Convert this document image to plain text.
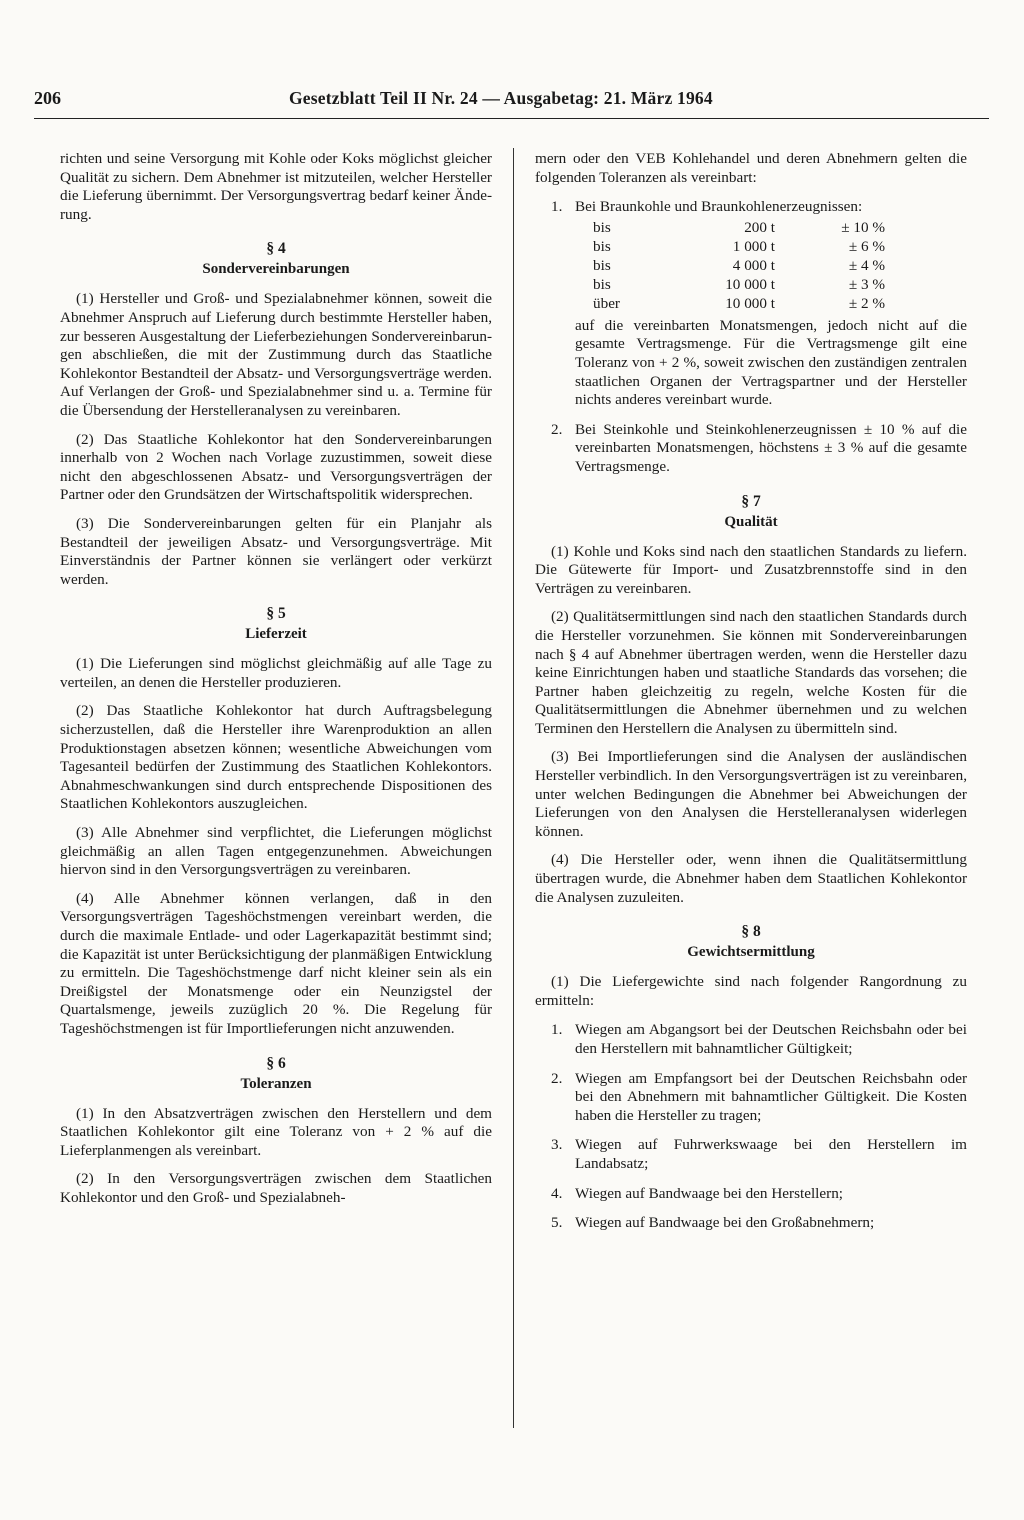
206	Gesetzblatt Teil II Nr. 24 — Ausgabetag: 21. März 1964

richten und seine Versorgung mit Kohle oder Koks möglichst gleicher Qualität zu sichern. Dem Abnehmer ist mitzuteilen, welcher Hersteller die Lieferung übernimmt. Der Versorgungsvertrag bedarf keiner Änderung.

§ 4
Sondervereinbarungen

(1) Hersteller und Groß- und Spezialabnehmer können, soweit die Abnehmer Anspruch auf Lieferung durch bestimmte Hersteller haben, zur besseren Ausgestaltung der Lieferbeziehungen Sondervereinbarungen abschließen, die mit der Zustimmung durch das Staatliche Kohlekontor Bestandteil der Absatz- und Versorgungsverträge werden. Auf Verlangen der Groß- und Spezialabnehmer sind u. a. Termine für die Übersendung der Herstelleranalysen zu vereinbaren.

(2) Das Staatliche Kohlekontor hat den Sondervereinbarungen innerhalb von 2 Wochen nach Vorlage zuzustimmen, soweit diese nicht den abgeschlossenen Absatz- und Versorgungsverträgen der Partner oder den Grundsätzen der Wirtschaftspolitik widersprechen.

(3) Die Sondervereinbarungen gelten für ein Planjahr als Bestandteil der jeweiligen Absatz- und Versorgungsverträge. Mit Einverständnis der Partner können sie verlängert oder verkürzt werden.

§ 5
Lieferzeit

(1) Die Lieferungen sind möglichst gleichmäßig auf alle Tage zu verteilen, an denen die Hersteller produzieren.

(2) Das Staatliche Kohlekontor hat durch Auftragsbelegung sicherzustellen, daß die Hersteller ihre Warenproduktion an allen Produktionstagen absetzen können; wesentliche Abweichungen vom Tagesanteil bedürfen der Zustimmung des Staatlichen Kohlekontors. Abnahmeschwankungen sind durch entsprechende Dispositionen des Staatlichen Kohlekontors auszugleichen.

(3) Alle Abnehmer sind verpflichtet, die Lieferungen möglichst gleichmäßig an allen Tagen entgegenzunehmen. Abweichungen hiervon sind in den Versorgungsverträgen zu vereinbaren.

(4) Alle Abnehmer können verlangen, daß in den Versorgungsverträgen Tageshöchstmengen vereinbart werden, die durch die maximale Entlade- und oder Lagerkapazität bestimmt sind; die Kapazität ist unter Berücksichtigung der planmäßigen Entwicklung zu ermitteln. Die Tageshöchstmenge darf nicht kleiner sein als ein Dreißigstel der Monatsmenge oder ein Neunzigstel der Quartalsmenge, jeweils zuzüglich 20 %. Die Regelung für Tageshöchstmengen ist für Importlieferungen nicht anzuwenden.

§ 6
Toleranzen

(1) In den Absatzverträgen zwischen den Herstellern und dem Staatlichen Kohlekontor gilt eine Toleranz von + 2 % auf die Lieferplanmengen als vereinbart.

(2) In den Versorgungsverträgen zwischen dem Staatlichen Kohlekontor und den Groß- und Spezialabneh-

mern oder den VEB Kohlehandel und deren Abnehmern gelten die folgenden Toleranzen als vereinbart:

1. Bei Braunkohle und Braunkohlenerzeugnissen:

bis	200 t	± 10 %
bis	1 000 t	± 6 %
bis	4 000 t	± 4 %
bis	10 000 t	± 3 %
über	10 000 t	± 2 %

auf die vereinbarten Monatsmengen, jedoch nicht auf die gesamte Vertragsmenge. Für die Vertragsmenge gilt eine Toleranz von + 2 %, soweit zwischen den zuständigen zentralen staatlichen Organen der Vertragspartner und der Hersteller nichts anderes vereinbart wurde.

2. Bei Steinkohle und Steinkohlenerzeugnissen ± 10 % auf die vereinbarten Monatsmengen, höchstens ± 3 % auf die gesamte Vertragsmenge.

§ 7
Qualität

(1) Kohle und Koks sind nach den staatlichen Standards zu liefern. Die Gütewerte für Import- und Zusatzbrennstoffe sind in den Verträgen zu vereinbaren.

(2) Qualitätsermittlungen sind nach den staatlichen Standards durch die Hersteller vorzunehmen. Sie können mit Sondervereinbarungen nach § 4 auf Abnehmer übertragen werden, wenn die Hersteller dazu keine Einrichtungen haben und staatliche Standards das vorsehen; die Partner haben gleichzeitig zu regeln, welche Kosten für die Qualitätsermittlungen die Abnehmer übernehmen und zu welchen Terminen den Herstellern die Analysen zu übermitteln sind.

(3) Bei Importlieferungen sind die Analysen der ausländischen Hersteller verbindlich. In den Versorgungsverträgen ist zu vereinbaren, unter welchen Bedingungen die Abnehmer bei Abweichungen der Lieferungen von den Analysen die Herstelleranalysen widerlegen können.

(4) Die Hersteller oder, wenn ihnen die Qualitätsermittlung übertragen wurde, die Abnehmer haben dem Staatlichen Kohlekontor die Analysen zuzuleiten.

§ 8
Gewichtsermittlung

(1) Die Liefergewichte sind nach folgender Rangordnung zu ermitteln:

1. Wiegen am Abgangsort bei der Deutschen Reichsbahn oder bei den Herstellern mit bahnamtlicher Gültigkeit;

2. Wiegen am Empfangsort bei der Deutschen Reichsbahn oder bei den Abnehmern mit bahnamtlicher Gültigkeit. Die Kosten haben die Hersteller zu tragen;

3. Wiegen auf Fuhrwerkswaage bei den Herstellern im Landabsatz;

4. Wiegen auf Bandwaage bei den Herstellern;

5. Wiegen auf Bandwaage bei den Großabnehmern;
